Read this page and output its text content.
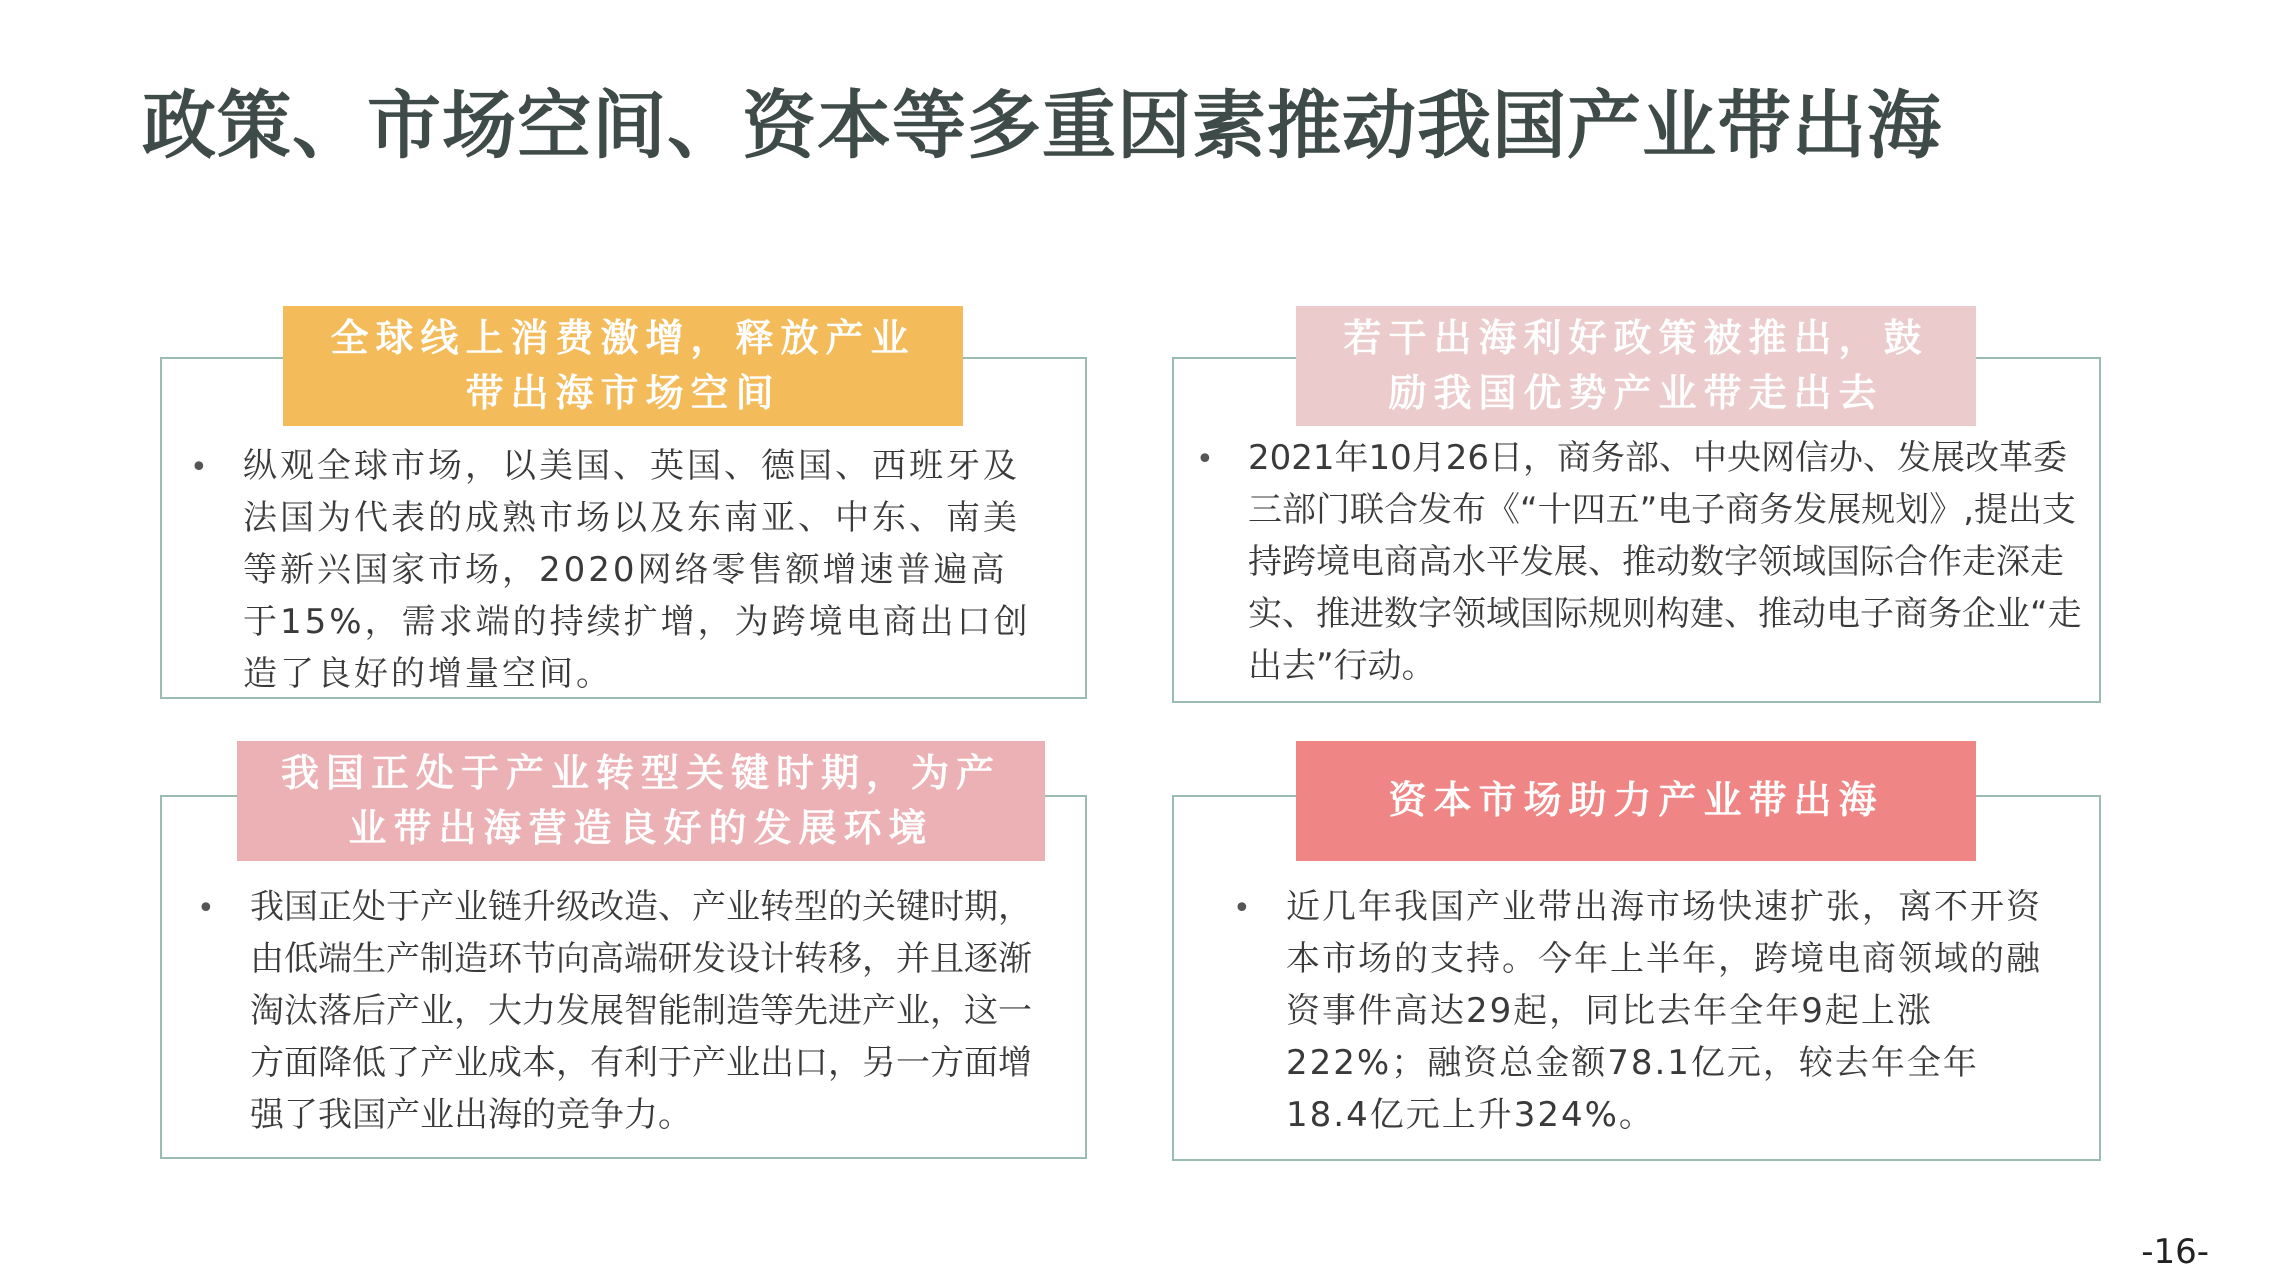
政策、市场空间、资本等多重因素推动我国产业带出海
全球线上消费激增，释放产业
带出海市场空间
• 纵观全球市场，以美国、英国、德国、西班牙及法国为代表的成熟市场以及东南亚、中东、南美等新兴国家市场，2020网络零售额增速普遍高于15%，需求端的持续扩增，为跨境电商出口创造了良好的增量空间。

若干出海利好政策被推出，鼓
励我国优势产业带走出去
• 2021年10月26日，商务部、中央网信办、发展改革委三部门联合发布《“十四五”电子商务发展规划》,提出支持跨境电商高水平发展、推动数字领域国际合作走深走实、推进数字领域国际规则构建、推动电子商务企业“走出去”行动。

我国正处于产业转型关键时期，为产
业带出海营造良好的发展环境
• 我国正处于产业链升级改造、产业转型的关键时期，由低端生产制造环节向高端研发设计转移，并且逐渐淘汰落后产业，大力发展智能制造等先进产业，这一方面降低了产业成本，有利于产业出口，另一方面增强了我国产业出海的竞争力。

资本市场助力产业带出海
• 近几年我国产业带出海市场快速扩张，离不开资本市场的支持。今年上半年，跨境电商领域的融资事件高达29起，同比去年全年9起上涨222%；融资总金额78.1亿元，较去年全年18.4亿元上升324%。

-16-
